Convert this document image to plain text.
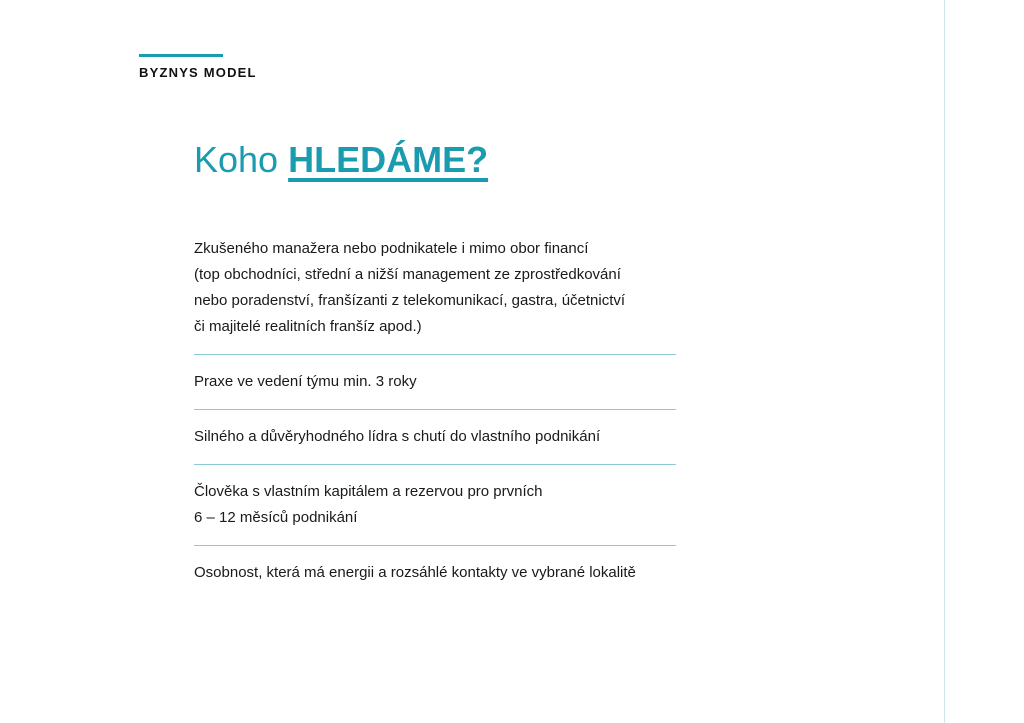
BYZNYS MODEL
Koho HLEDÁME?
Zkušeného manažera nebo podnikatele i mimo obor financí
(top obchodníci, střední a nižší management ze zprostředkování
nebo poradenství, franšízanti z telekomunikací, gastra, účetnictví
či majitelé realitních franšíz apod.)
Praxe ve vedení týmu min. 3 roky
Silného a důvěryhodného lídra s chutí do vlastního podnikání
Člověka s vlastním kapitálem a rezervou pro prvních
6 – 12 měsíců podnikání
Osobnost, která má energii a rozsáhlé kontakty ve vybrané lokalitě
